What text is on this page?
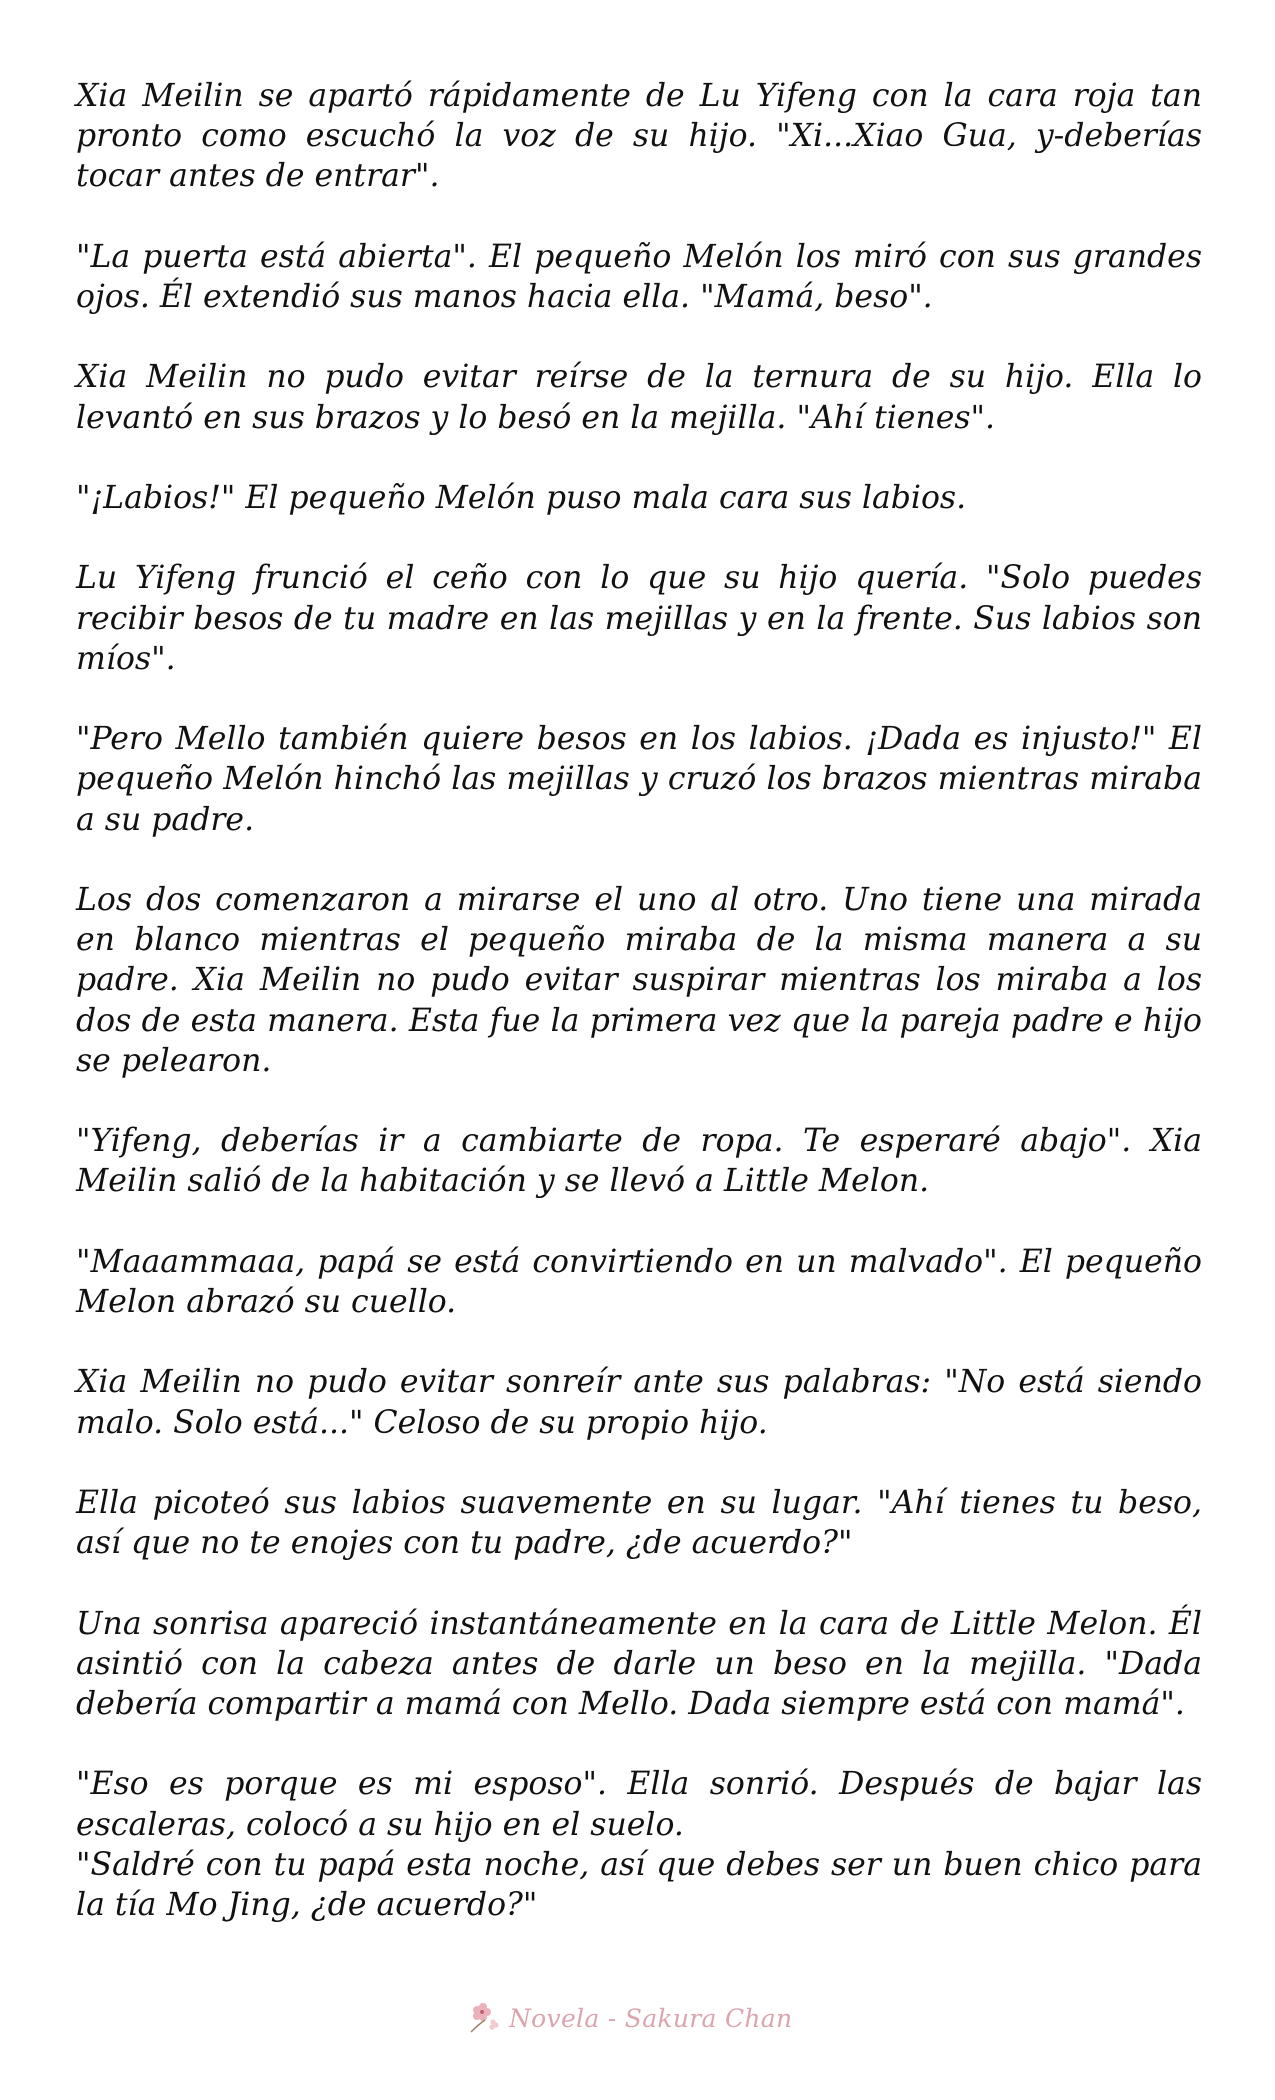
Xia Meilin se apartó rápidamente de Lu Yifeng con la cara roja tan pronto como escuchó la voz de su hijo. "Xi...Xiao Gua, y-deberías tocar antes de entrar".

"La puerta está abierta". El pequeño Melón los miró con sus grandes ojos. Él extendió sus manos hacia ella. "Mamá, beso".

Xia Meilin no pudo evitar reírse de la ternura de su hijo. Ella lo levantó en sus brazos y lo besó en la mejilla. "Ahí tienes".

"¡Labios!" El pequeño Melón puso mala cara sus labios.

Lu Yifeng frunció el ceño con lo que su hijo quería. "Solo puedes recibir besos de tu madre en las mejillas y en la frente. Sus labios son míos".

"Pero Mello también quiere besos en los labios. ¡Dada es injusto!" El pequeño Melón hinchó las mejillas y cruzó los brazos mientras miraba a su padre.

Los dos comenzaron a mirarse el uno al otro. Uno tiene una mirada en blanco mientras el pequeño miraba de la misma manera a su padre. Xia Meilin no pudo evitar suspirar mientras los miraba a los dos de esta manera. Esta fue la primera vez que la pareja padre e hijo se pelearon.

"Yifeng, deberías ir a cambiarte de ropa. Te esperaré abajo". Xia Meilin salió de la habitación y se llevó a Little Melon.

"Maaammaaa, papá se está convirtiendo en un malvado". El pequeño Melon abrazó su cuello.

Xia Meilin no pudo evitar sonreír ante sus palabras: "No está siendo malo. Solo está..." Celoso de su propio hijo.

Ella picoteó sus labios suavemente en su lugar. "Ahí tienes tu beso, así que no te enojes con tu padre, ¿de acuerdo?"

Una sonrisa apareció instantáneamente en la cara de Little Melon. Él asintió con la cabeza antes de darle un beso en la mejilla. "Dada debería compartir a mamá con Mello. Dada siempre está con mamá".

"Eso es porque es mi esposo". Ella sonrió. Después de bajar las escaleras, colocó a su hijo en el suelo.

"Saldré con tu papá esta noche, así que debes ser un buen chico para la tía Mo Jing, ¿de acuerdo?"

Novela - Sakura Chan
